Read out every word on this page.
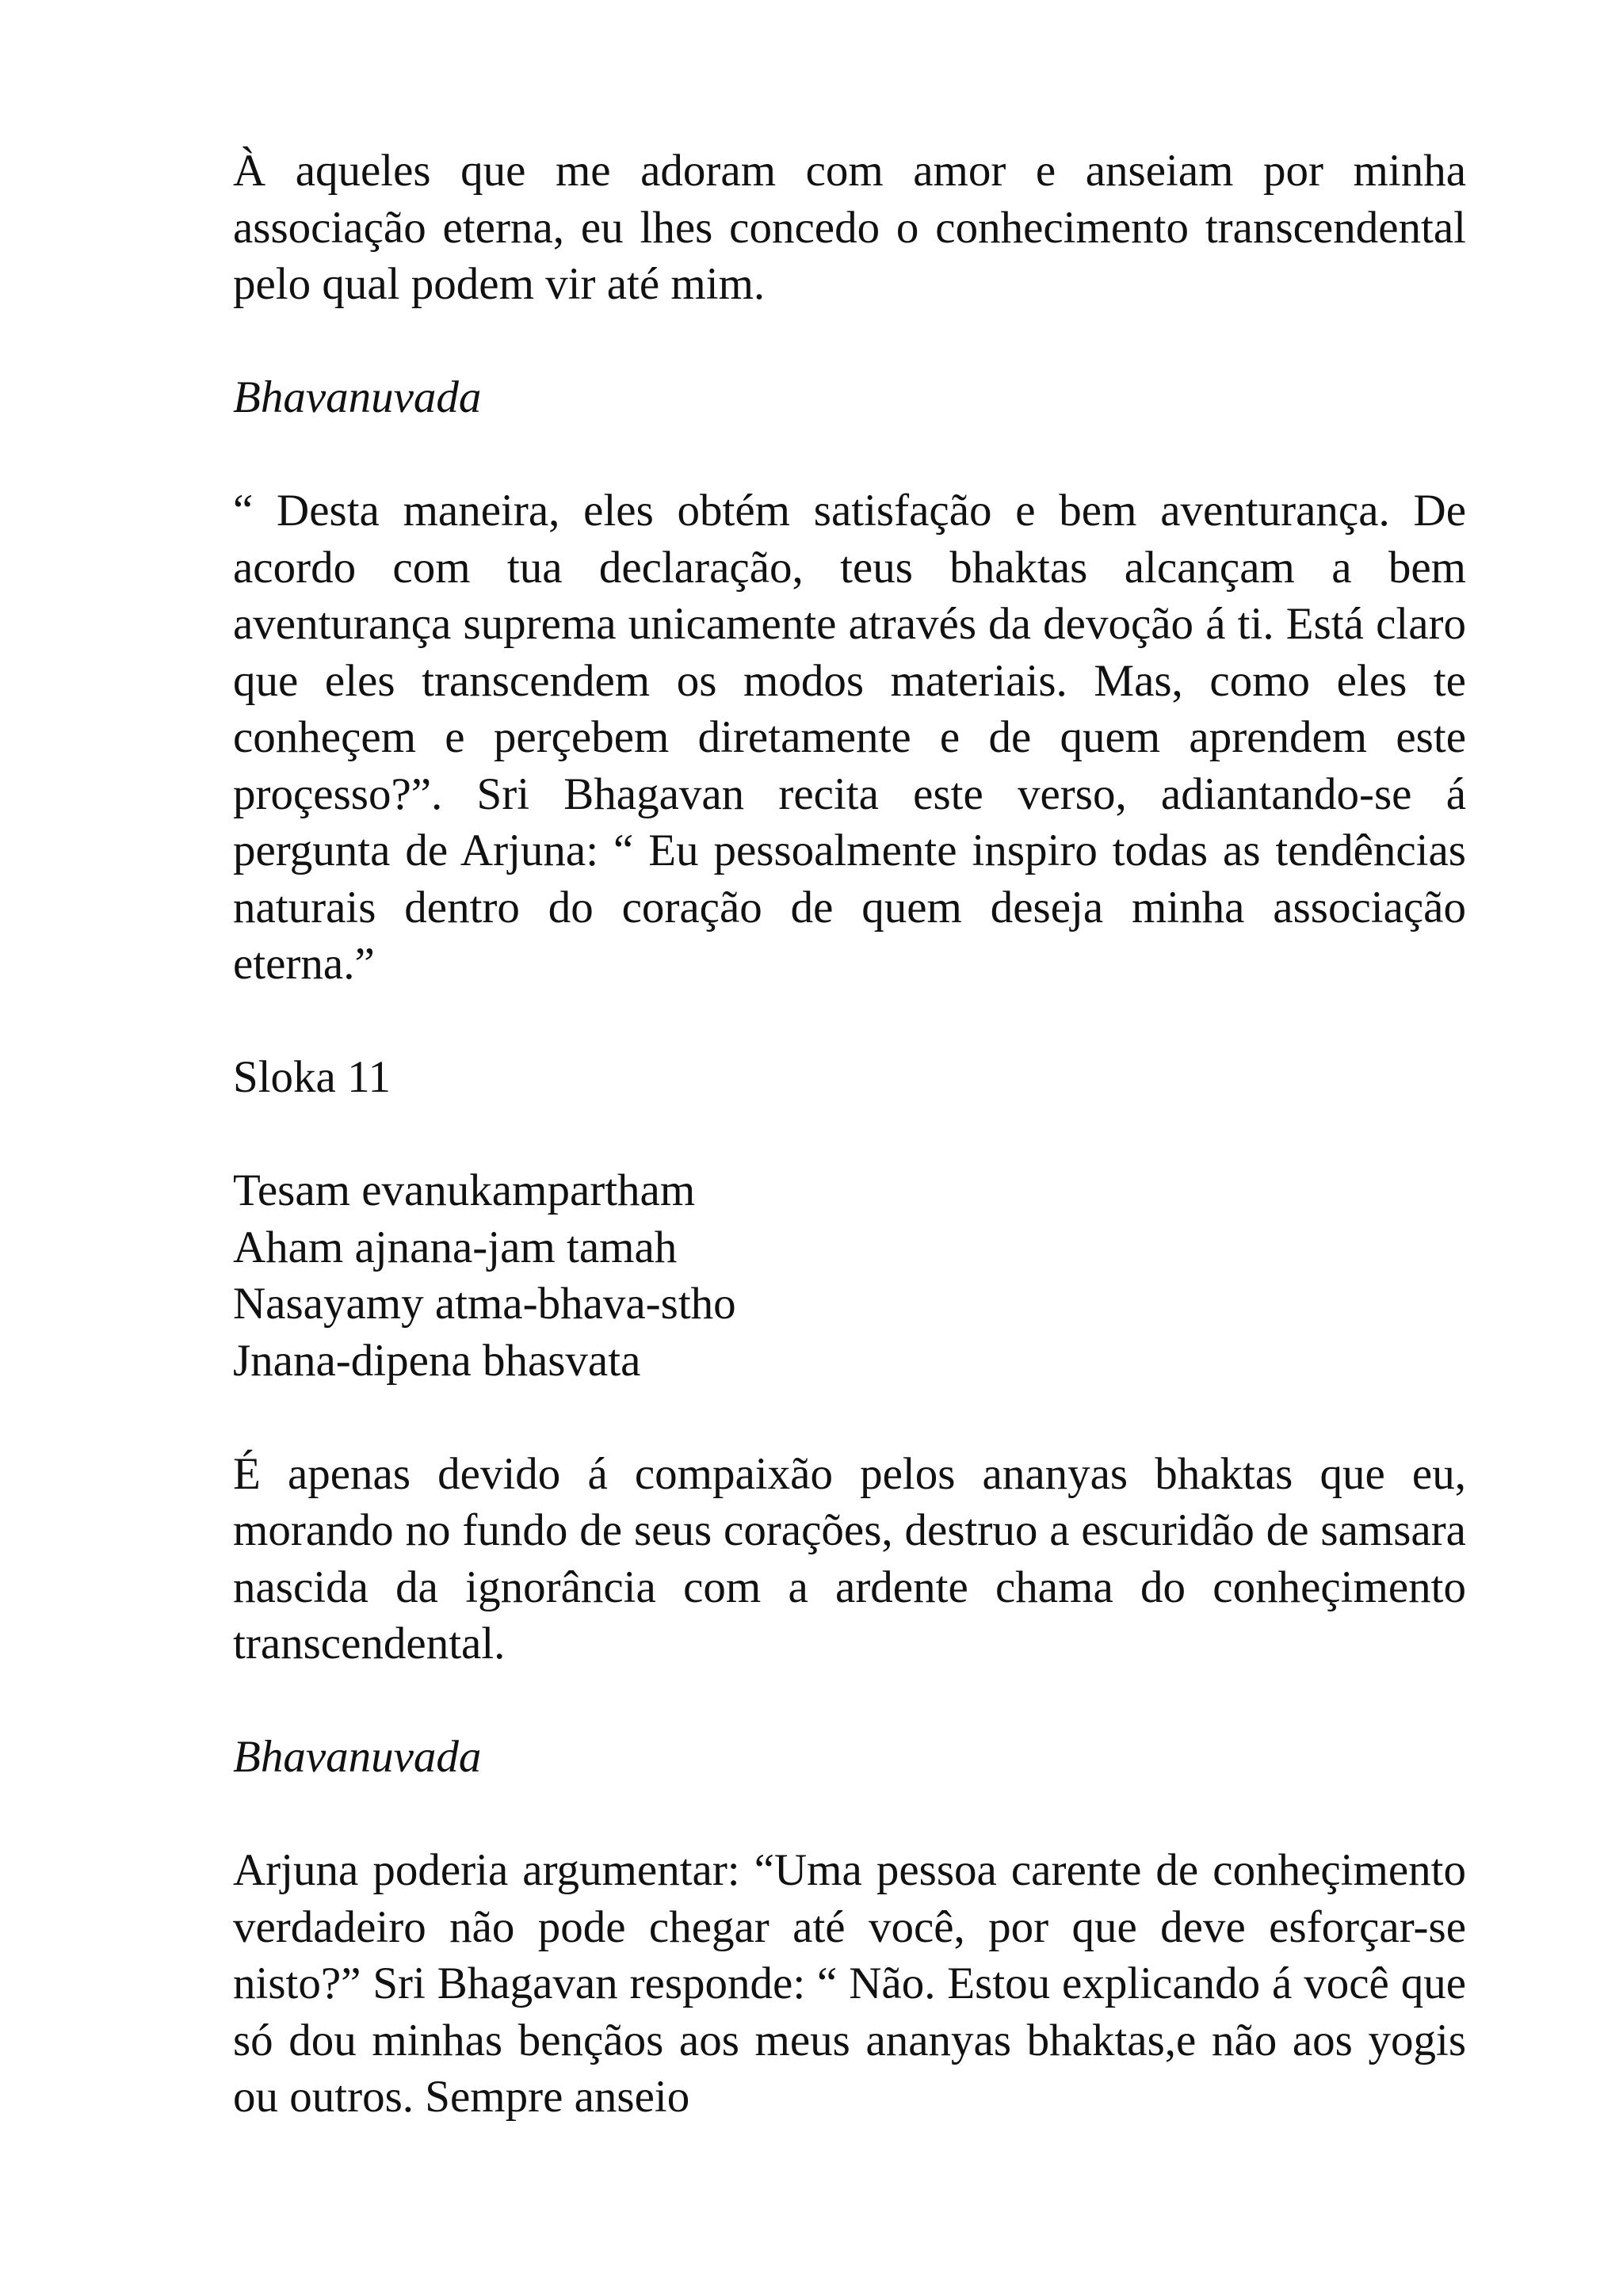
À aqueles que me adoram com amor e anseiam por minha associação eterna, eu lhes concedo o conhecimento transcendental pelo qual podem vir até mim.

Bhavanuvada

“ Desta maneira, eles obtém satisfação e bem aventurança. De acordo com tua declaração, teus bhaktas alcançam a bem aventurança suprema unicamente através da devoção á ti. Está claro que eles transcendem os modos materiais. Mas, como eles te conheçem e perçebem diretamente e de quem aprendem este proçesso?”. Sri Bhagavan recita este verso, adiantando-se á pergunta de Arjuna: “ Eu pessoalmente inspiro todas as tendências naturais dentro do coração de quem deseja minha associação eterna.”

Sloka 11

Tesam evanukampartham
Aham ajnana-jam tamah
Nasayamy atma-bhava-stho
Jnana-dipena bhasvata

É apenas devido á compaixão pelos ananyas bhaktas que eu, morando no fundo de seus corações, destruo a escuridão de samsara nascida da ignorância com a ardente chama do conheçimento transcendental.

Bhavanuvada

Arjuna poderia argumentar: “Uma pessoa carente de conheçimento verdadeiro não pode chegar até você, por que deve esforçar-se nisto?” Sri Bhagavan responde: “ Não. Estou explicando á você que só dou minhas bençãos aos meus ananyas bhaktas,e não aos yogis ou outros. Sempre anseio
